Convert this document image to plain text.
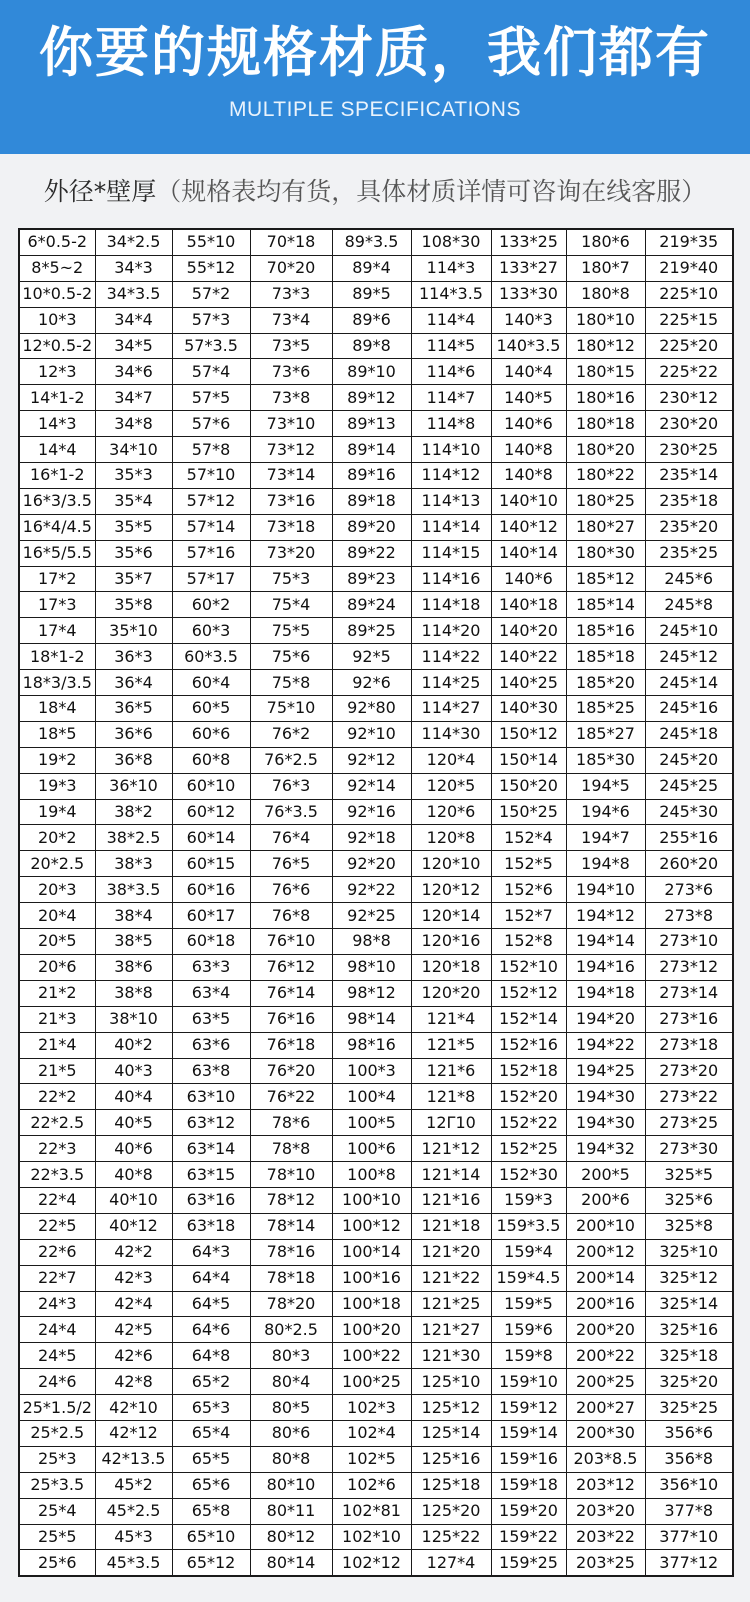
你要的规格材质，我们都有
MULTIPLE SPECIFICATIONS
外径*壁厚（规格表均有货，具体材质详情可咨询在线客服）
6*0.5-2	34*2.5	55*10	70*18	89*3.5	108*30	133*25	180*6	219*35
8*5~2	34*3	55*12	70*20	89*4	114*3	133*27	180*7	219*40
10*0.5-2	34*3.5	57*2	73*3	89*5	114*3.5	133*30	180*8	225*10
10*3	34*4	57*3	73*4	89*6	114*4	140*3	180*10	225*15
12*0.5-2	34*5	57*3.5	73*5	89*8	114*5	140*3.5	180*12	225*20
12*3	34*6	57*4	73*6	89*10	114*6	140*4	180*15	225*22
14*1-2	34*7	57*5	73*8	89*12	114*7	140*5	180*16	230*12
14*3	34*8	57*6	73*10	89*13	114*8	140*6	180*18	230*20
14*4	34*10	57*8	73*12	89*14	114*10	140*8	180*20	230*25
16*1-2	35*3	57*10	73*14	89*16	114*12	140*8	180*22	235*14
16*3/3.5	35*4	57*12	73*16	89*18	114*13	140*10	180*25	235*18
16*4/4.5	35*5	57*14	73*18	89*20	114*14	140*12	180*27	235*20
16*5/5.5	35*6	57*16	73*20	89*22	114*15	140*14	180*30	235*25
17*2	35*7	57*17	75*3	89*23	114*16	140*6	185*12	245*6
17*3	35*8	60*2	75*4	89*24	114*18	140*18	185*14	245*8
17*4	35*10	60*3	75*5	89*25	114*20	140*20	185*16	245*10
18*1-2	36*3	60*3.5	75*6	92*5	114*22	140*22	185*18	245*12
18*3/3.5	36*4	60*4	75*8	92*6	114*25	140*25	185*20	245*14
18*4	36*5	60*5	75*10	92*80	114*27	140*30	185*25	245*16
18*5	36*6	60*6	76*2	92*10	114*30	150*12	185*27	245*18
19*2	36*8	60*8	76*2.5	92*12	120*4	150*14	185*30	245*20
19*3	36*10	60*10	76*3	92*14	120*5	150*20	194*5	245*25
19*4	38*2	60*12	76*3.5	92*16	120*6	150*25	194*6	245*30
20*2	38*2.5	60*14	76*4	92*18	120*8	152*4	194*7	255*16
20*2.5	38*3	60*15	76*5	92*20	120*10	152*5	194*8	260*20
20*3	38*3.5	60*16	76*6	92*22	120*12	152*6	194*10	273*6
20*4	38*4	60*17	76*8	92*25	120*14	152*7	194*12	273*8
20*5	38*5	60*18	76*10	98*8	120*16	152*8	194*14	273*10
20*6	38*6	63*3	76*12	98*10	120*18	152*10	194*16	273*12
21*2	38*8	63*4	76*14	98*12	120*20	152*12	194*18	273*14
21*3	38*10	63*5	76*16	98*14	121*4	152*14	194*20	273*16
21*4	40*2	63*6	76*18	98*16	121*5	152*16	194*22	273*18
21*5	40*3	63*8	76*20	100*3	121*6	152*18	194*25	273*20
22*2	40*4	63*10	76*22	100*4	121*8	152*20	194*30	273*22
22*2.5	40*5	63*12	78*6	100*5	12Γ10	152*22	194*30	273*25
22*3	40*6	63*14	78*8	100*6	121*12	152*25	194*32	273*30
22*3.5	40*8	63*15	78*10	100*8	121*14	152*30	200*5	325*5
22*4	40*10	63*16	78*12	100*10	121*16	159*3	200*6	325*6
22*5	40*12	63*18	78*14	100*12	121*18	159*3.5	200*10	325*8
22*6	42*2	64*3	78*16	100*14	121*20	159*4	200*12	325*10
22*7	42*3	64*4	78*18	100*16	121*22	159*4.5	200*14	325*12
24*3	42*4	64*5	78*20	100*18	121*25	159*5	200*16	325*14
24*4	42*5	64*6	80*2.5	100*20	121*27	159*6	200*20	325*16
24*5	42*6	64*8	80*3	100*22	121*30	159*8	200*22	325*18
24*6	42*8	65*2	80*4	100*25	125*10	159*10	200*25	325*20
25*1.5/2	42*10	65*3	80*5	102*3	125*12	159*12	200*27	325*25
25*2.5	42*12	65*4	80*6	102*4	125*14	159*14	200*30	356*6
25*3	42*13.5	65*5	80*8	102*5	125*16	159*16	203*8.5	356*8
25*3.5	45*2	65*6	80*10	102*6	125*18	159*18	203*12	356*10
25*4	45*2.5	65*8	80*11	102*81	125*20	159*20	203*20	377*8
25*5	45*3	65*10	80*12	102*10	125*22	159*22	203*22	377*10
25*6	45*3.5	65*12	80*14	102*12	127*4	159*25	203*25	377*12
